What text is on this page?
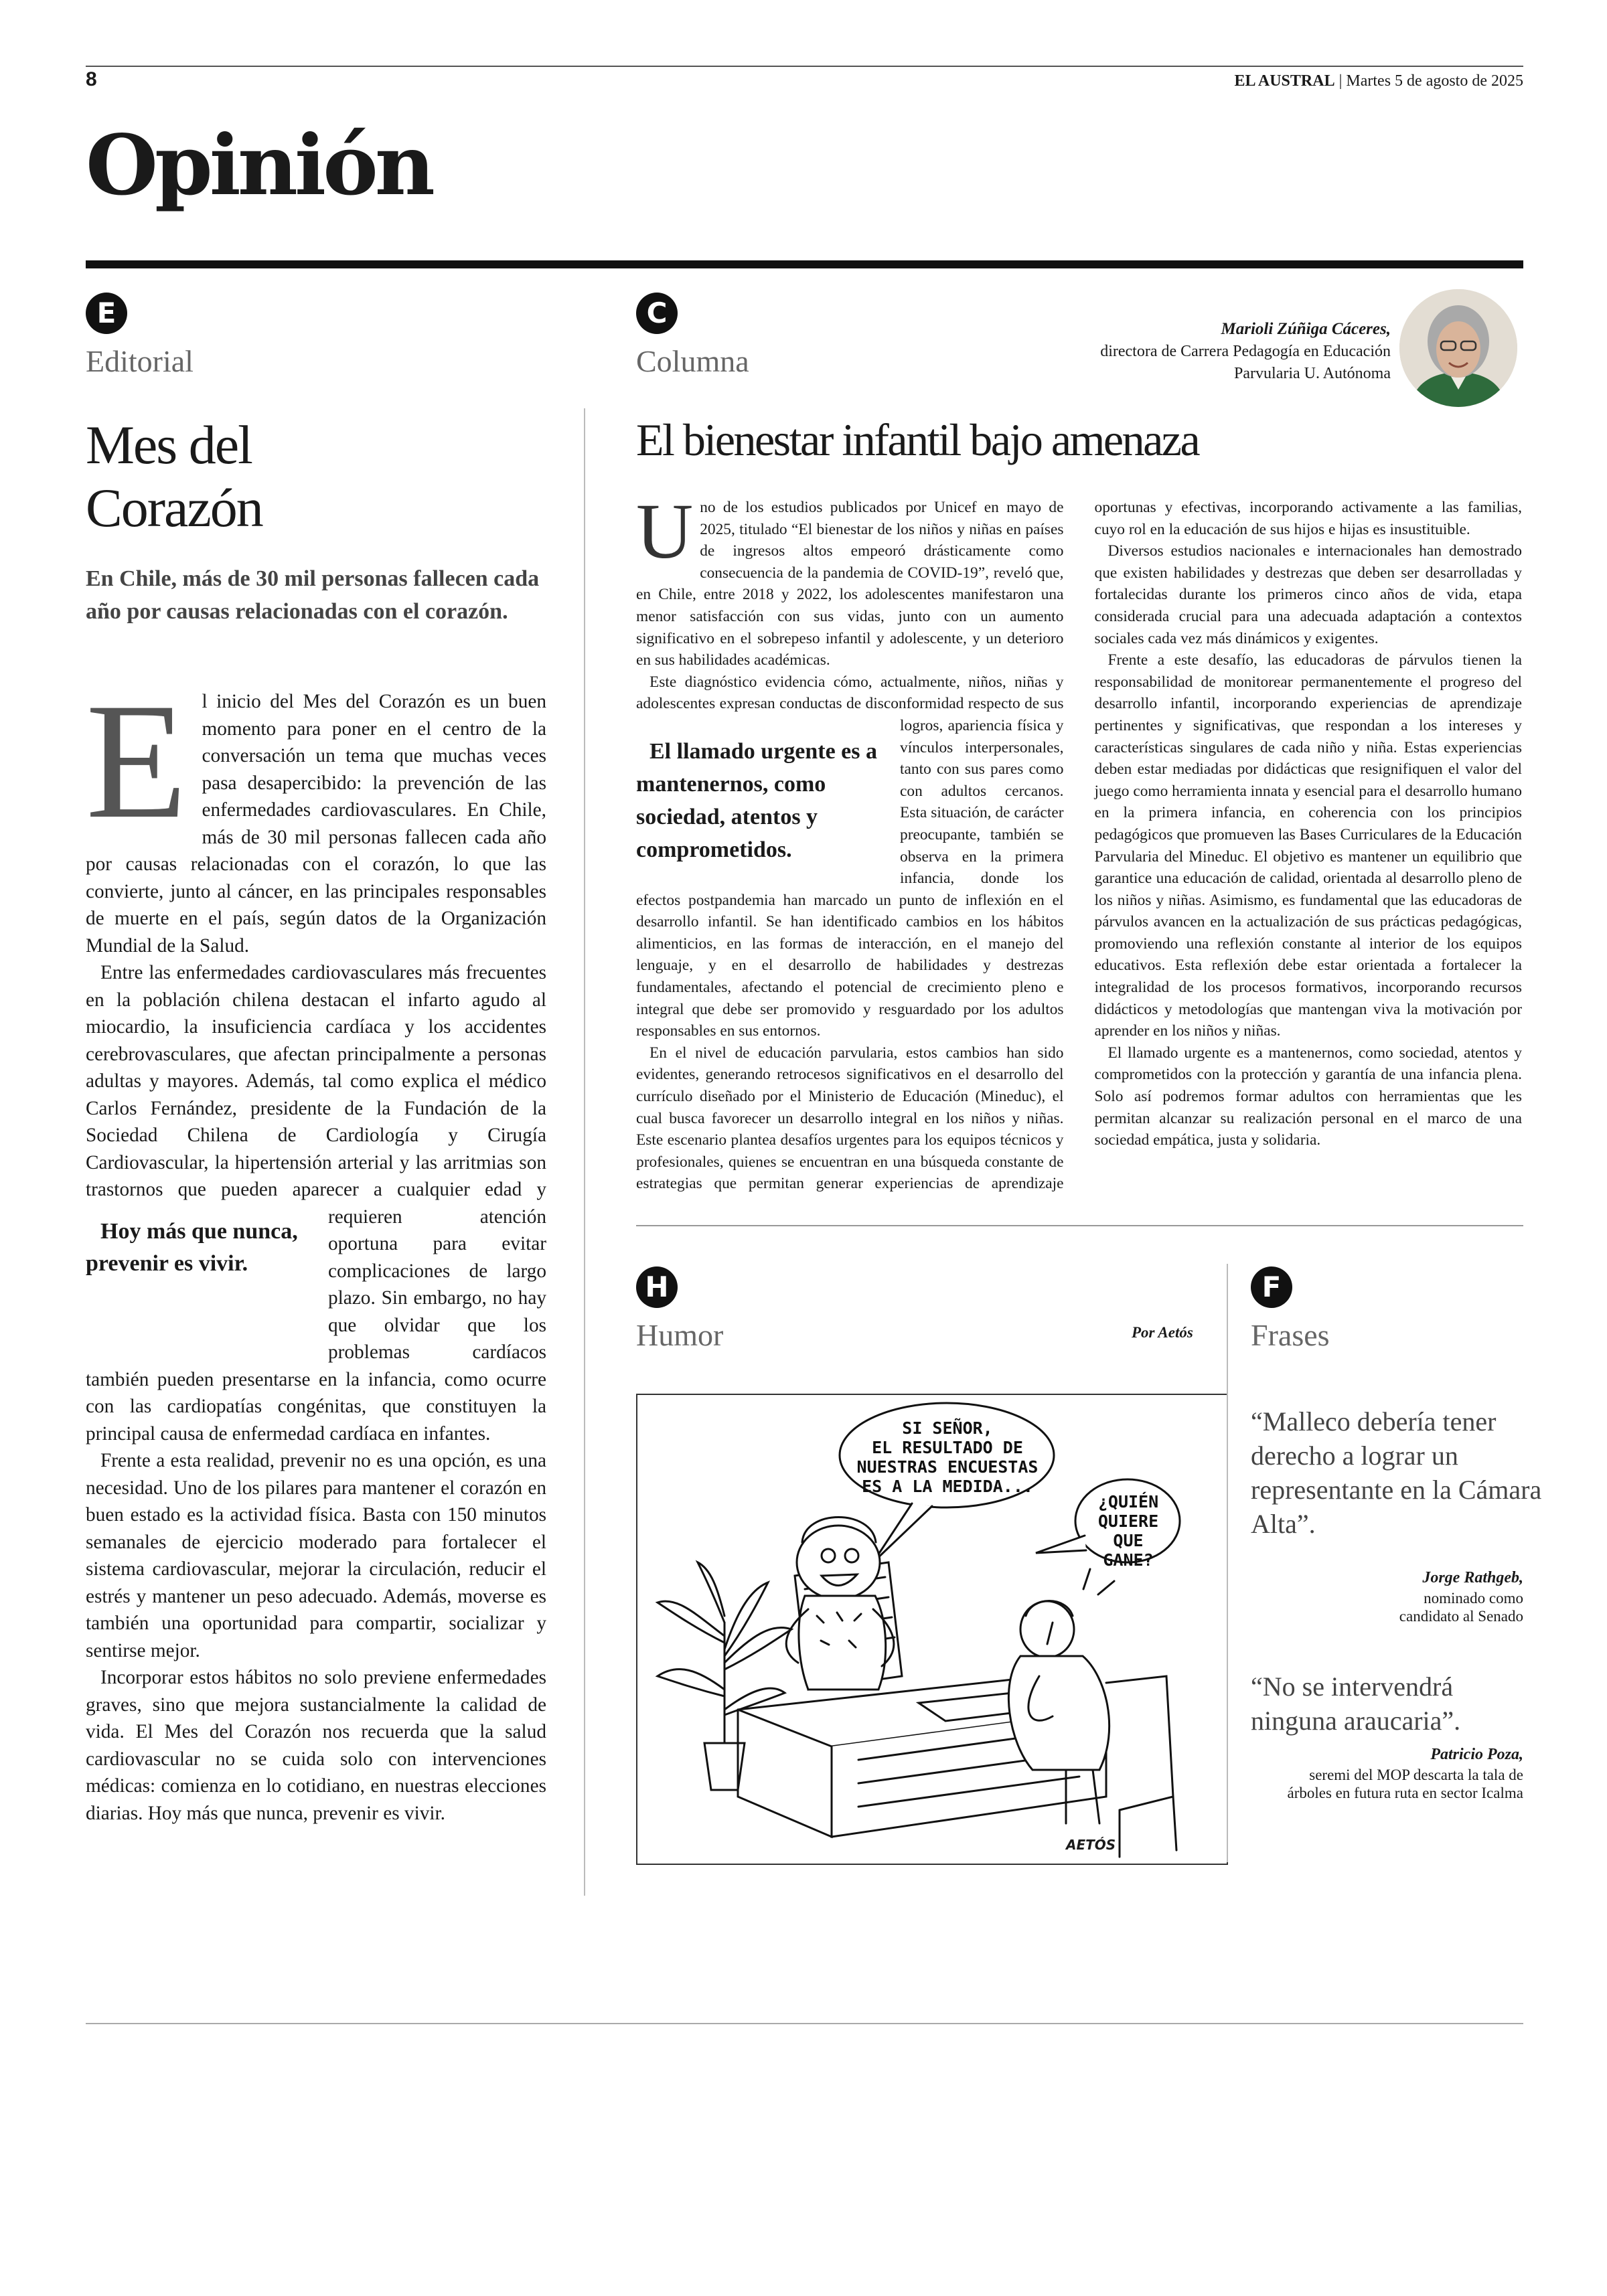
8	EL AUSTRAL | Martes 5 de agosto de 2025
Opinión
E
Editorial
Mes del
Corazón
En Chile, más de 30 mil personas fallecen cada año por causas relacionadas con el corazón.

El inicio del Mes del Corazón es un buen momento para poner en el centro de la conversación un tema que muchas veces pasa desapercibido: la prevención de las enfermedades cardiovasculares. En Chile, más de 30 mil personas fallecen cada año por causas relacionadas con el corazón, lo que las convierte, junto al cáncer, en las principales responsables de muerte en el país, según datos de la Organización Mundial de la Salud.

Entre las enfermedades cardiovasculares más frecuentes en la población chilena destacan el infarto agudo al miocardio, la insuficiencia cardíaca y los accidentes cerebrovasculares, que afectan principalmente a personas adultas y mayores. Además, tal como explica el médico Carlos Fernández, presidente de la Fundación de la Sociedad Chilena de Cardiología y Cirugía Cardiovascular, la hipertensión arterial y las arritmias son trastornos que pueden aparecer a
Hoy más que nunca, prevenir es vivir.
cualquier edad y requieren atención oportuna para evitar complicaciones de largo plazo. Sin embargo, no hay que olvidar que los problemas cardíacos también pueden presentarse en la infancia, como ocurre con las cardiopatías congénitas, que constituyen la principal causa de enfermedad cardíaca en infantes.

Frente a esta realidad, prevenir no es una opción, es una necesidad. Uno de los pilares para mantener el corazón en buen estado es la actividad física. Basta con 150 minutos semanales de ejercicio moderado para fortalecer el sistema cardiovascular, mejorar la circulación, reducir el estrés y mantener un peso adecuado. Además, moverse es también una oportunidad para compartir, socializar y sentirse mejor.

Incorporar estos hábitos no solo previene enfermedades graves, sino que mejora sustancialmente la calidad de vida. El Mes del Corazón nos recuerda que la salud cardiovascular no se cuida solo con intervenciones médicas: comienza en lo cotidiano, en nuestras elecciones diarias. Hoy más que nunca, prevenir es vivir.

C
Columna
Marioli Zúñiga Cáceres,
directora de Carrera Pedagogía en Educación Parvularia U. Autónoma
El bienestar infantil bajo amenaza

Uno de los estudios publicados por Unicef en mayo de 2025, titulado “El bienestar de los niños y niñas en países de ingresos altos empeoró drásticamente como consecuencia de la pandemia de COVID-19”, reveló que, en Chile, entre 2018 y 2022, los adolescentes manifestaron una menor satisfacción con sus vidas, junto con un aumento significativo en el sobrepeso infantil y adolescente, y un deterioro en sus habilidades académicas.

Este diagnóstico evidencia cómo, actualmente, niños, niñas y adolescentes expresan conductas de disconformidad
El llamado urgente es a mantenernos, como sociedad, atentos y comprometidos.
respecto de sus logros, apariencia física y vínculos interpersonales, tanto con sus pares como con adultos cercanos. Esta situación, de carácter preocupante, también se observa en la primera infancia, donde los efectos postpandemia han marcado un punto de inflexión en el desarrollo infantil. Se han identificado cambios en los hábitos alimenticios, en las formas de interacción, en el manejo del lenguaje, y en el desarrollo de habilidades y destrezas fundamentales, afectando el potencial de crecimiento pleno e integral que debe ser promovido y resguardado por los adultos responsables en sus entornos.

En el nivel de educación parvularia, estos cambios han sido evidentes, generando retrocesos significativos en el desarrollo del currículo diseñado por el Ministerio de Educación (Mineduc), el cual busca favorecer un desarrollo integral en los niños y niñas. Este escenario plantea desafíos urgentes para los equipos técnicos y profesionales, quienes se encuentran en una búsqueda constante de estrategias que permitan generar experiencias de aprendizaje oportunas y efectivas, incorporando activamente a las familias, cuyo rol en la educación de sus hijos e hijas es insustituible.

Diversos estudios nacionales e internacionales han demostrado que existen habilidades y destrezas que deben ser desarrolladas y fortalecidas durante los primeros cinco años de vida, etapa considerada crucial para una adecuada adaptación a contextos sociales cada vez más dinámicos y exigentes.

Frente a este desafío, las educadoras de párvulos tienen la responsabilidad de monitorear permanentemente el progreso del desarrollo infantil, incorporando experiencias de aprendizaje pertinentes y significativas, que respondan a los intereses y características singulares de cada niño y niña. Estas experiencias deben estar mediadas por didácticas que resignifiquen el valor del juego como herramienta innata y esencial para el desarrollo humano en la primera infancia, en coherencia con los principios pedagógicos que promueven las Bases Curriculares de la Educación Parvularia del Mineduc. El objetivo es mantener un equilibrio que garantice una educación de calidad, orientada al desarrollo pleno de los niños y niñas. Asimismo, es fundamental que las educadoras de párvulos avancen en la actualización de sus prácticas pedagógicas, promoviendo una reflexión constante al interior de los equipos educativos. Esta reflexión debe estar orientada a fortalecer la integralidad de los procesos formativos, incorporando recursos didácticos y metodologías que mantengan viva la motivación por aprender en los niños y niñas.

El llamado urgente es a mantenernos, como sociedad, atentos y comprometidos con la protección y garantía de una infancia plena. Solo así podremos formar adultos con herramientas que les permitan alcanzar su realización personal en el marco de una sociedad empática, justa y solidaria.

H
Humor	Por Aetós
SI SEÑOR,
EL RESULTADO DE
NUESTRAS ENCUESTAS
ES A LA MEDIDA...
¿QUIÉN
QUIERE
QUE GANE?
AETÓS
F
Frases
“Malleco debería tener derecho a lograr un representante en la Cámara Alta”.
Jorge Rathgeb,
nominado como candidato al Senado
“No se intervendrá ninguna araucaria”.
Patricio Poza,
seremi del MOP descarta la tala de árboles en futura ruta en sector Icalma
